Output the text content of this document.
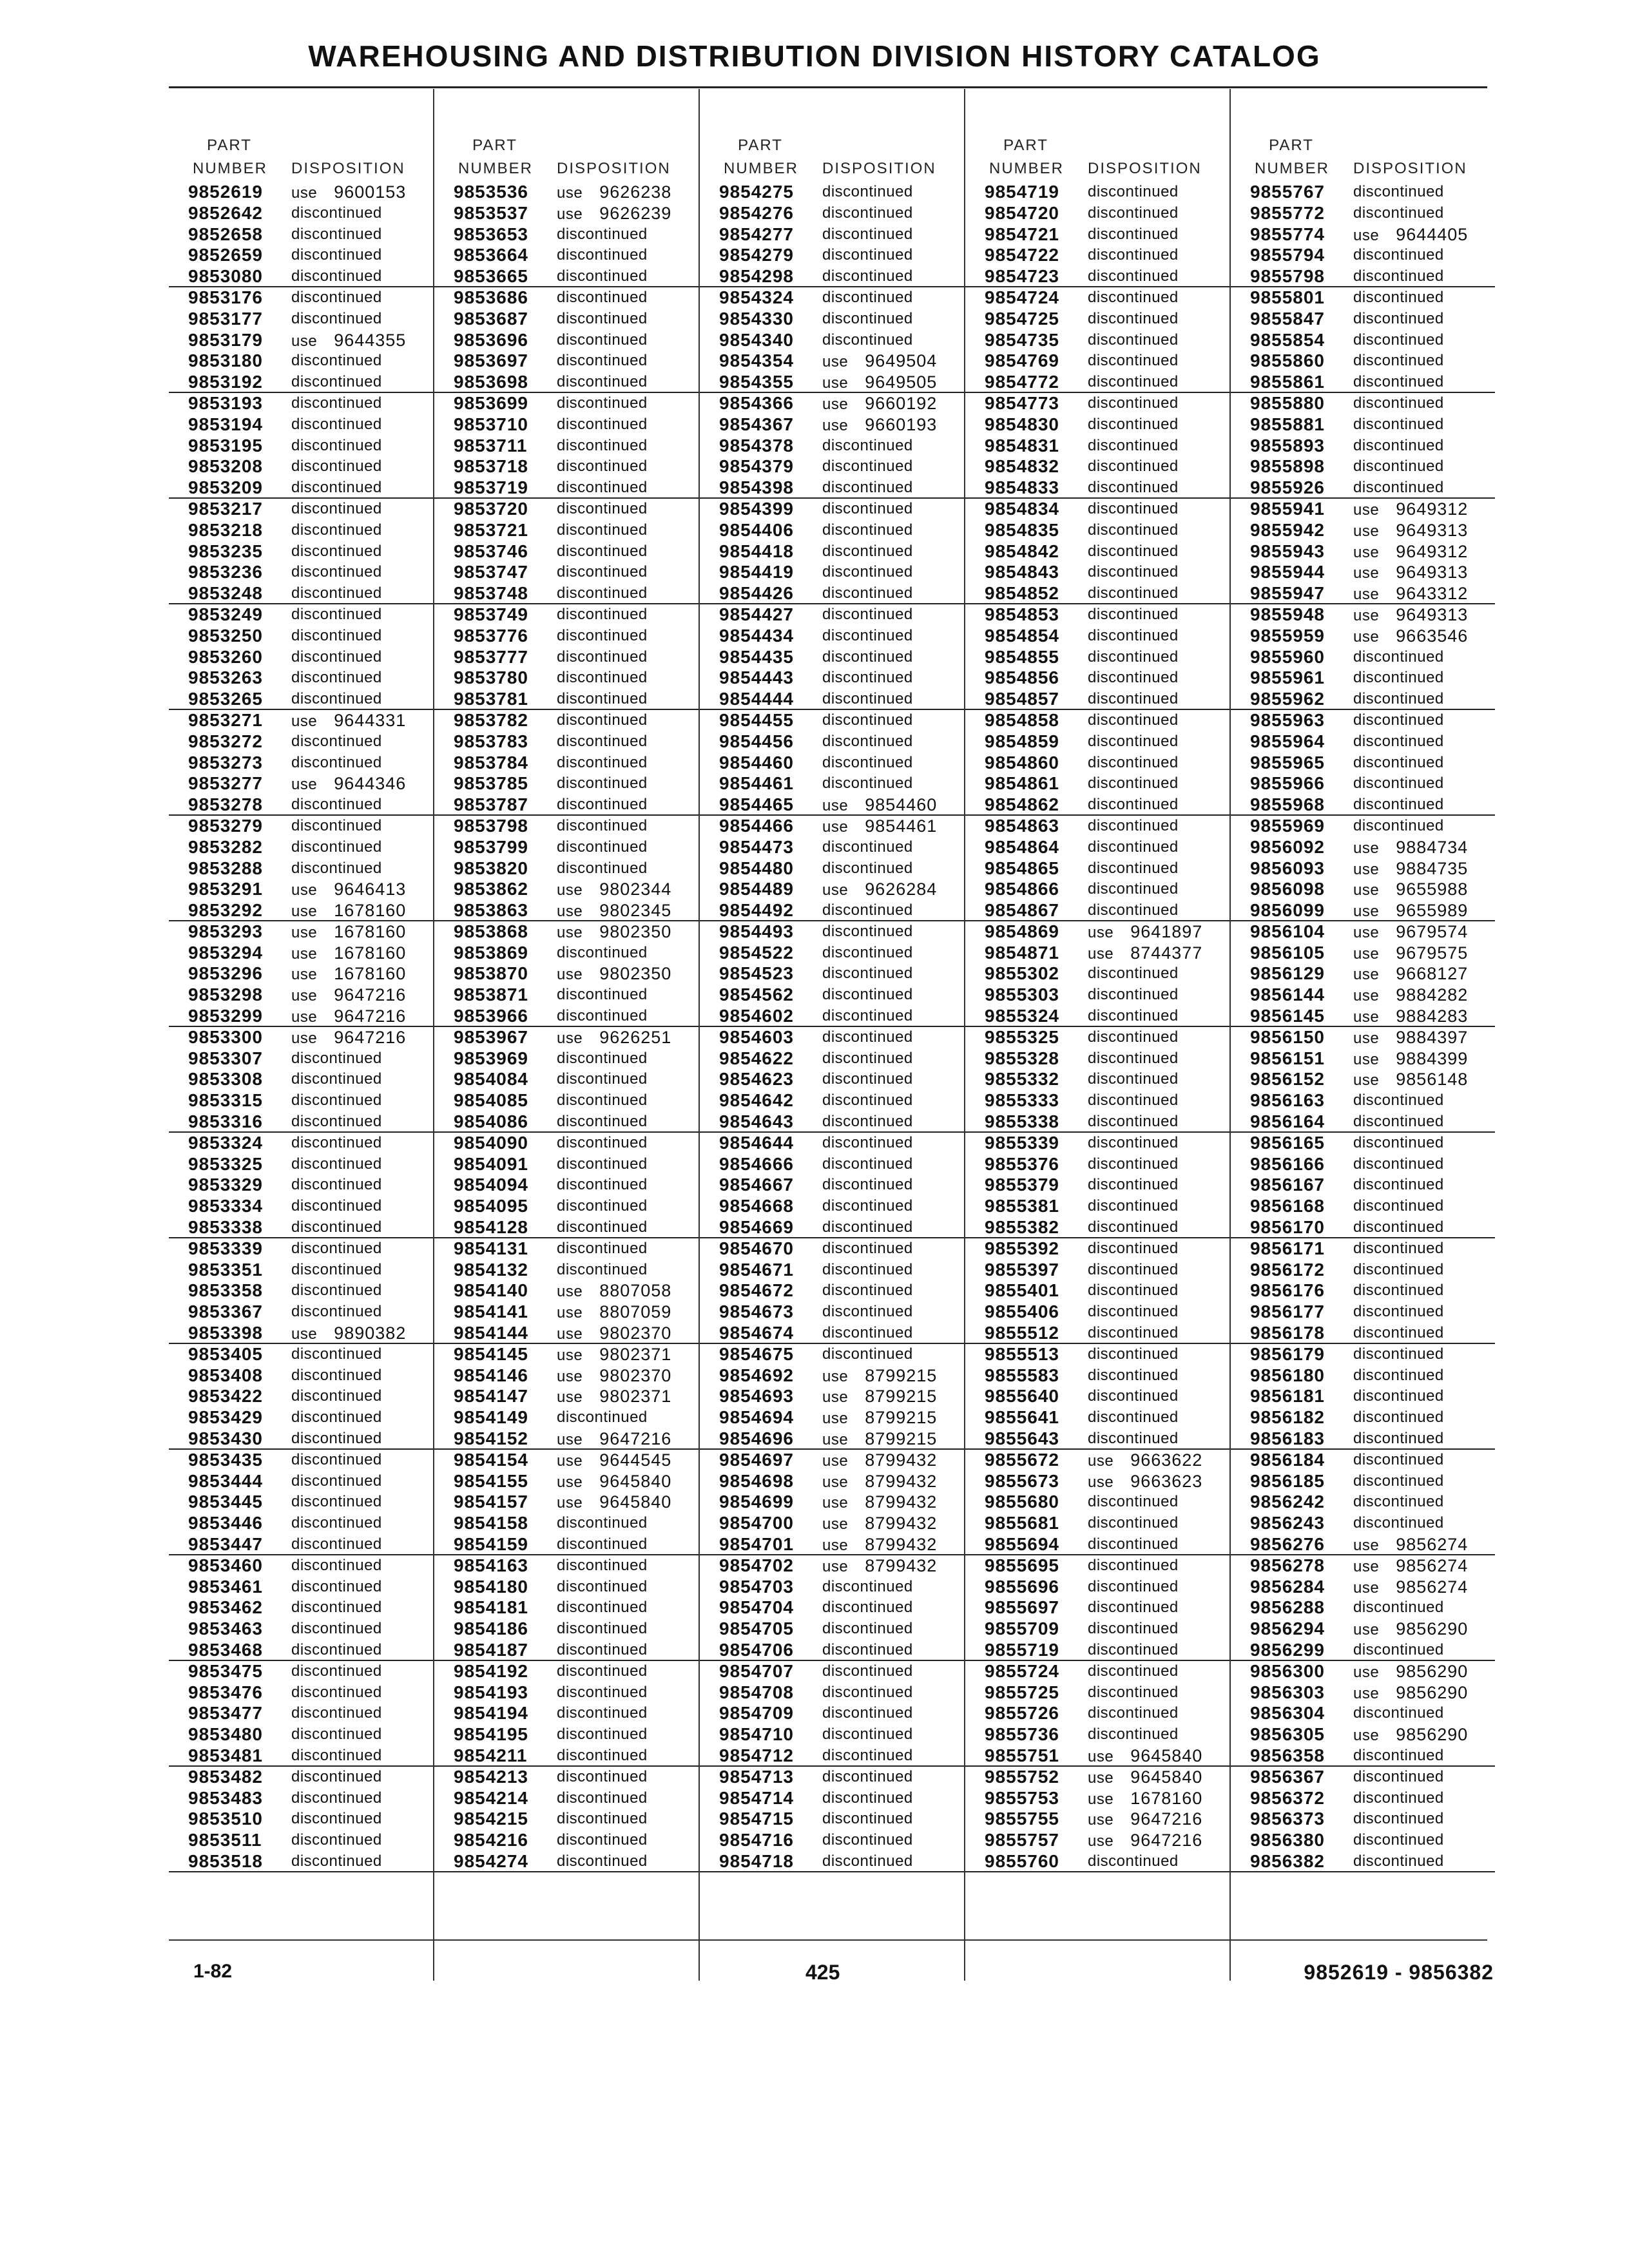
WAREHOUSING AND DISTRIBUTION DIVISION HISTORY CATALOG
PART
NUMBER DISPOSITION
9852619 use 9600153
9852642 discontinued
9852658 discontinued
9852659 discontinued
9853080 discontinued
9853176 discontinued
9853177 discontinued
9853179 use 9644355
9853180 discontinued
9853192 discontinued
9853193 discontinued
9853194 discontinued
9853195 discontinued
9853208 discontinued
9853209 discontinued
9853217 discontinued
9853218 discontinued
9853235 discontinued
9853236 discontinued
9853248 discontinued
9853249 discontinued
9853250 discontinued
9853260 discontinued
9853263 discontinued
9853265 discontinued
9853271 use 9644331
9853272 discontinued
9853273 discontinued
9853277 use 9644346
9853278 discontinued
9853279 discontinued
9853282 discontinued
9853288 discontinued
9853291 use 9646413
9853292 use 1678160
9853293 use 1678160
9853294 use 1678160
9853296 use 1678160
9853298 use 9647216
9853299 use 9647216
9853300 use 9647216
9853307 discontinued
9853308 discontinued
9853315 discontinued
9853316 discontinued
9853324 discontinued
9853325 discontinued
9853329 discontinued
9853334 discontinued
9853338 discontinued
9853339 discontinued
9853351 discontinued
9853358 discontinued
9853367 discontinued
9853398 use 9890382
9853405 discontinued
9853408 discontinued
9853422 discontinued
9853429 discontinued
9853430 discontinued
9853435 discontinued
9853444 discontinued
9853445 discontinued
9853446 discontinued
9853447 discontinued
9853460 discontinued
9853461 discontinued
9853462 discontinued
9853463 discontinued
9853468 discontinued
9853475 discontinued
9853476 discontinued
9853477 discontinued
9853480 discontinued
9853481 discontinued
9853482 discontinued
9853483 discontinued
9853510 discontinued
9853511 discontinued
9853518 discontinued
PART
NUMBER DISPOSITION
9853536 use 9626238
9853537 use 9626239
9853653 discontinued
9853664 discontinued
9853665 discontinued
9853686 discontinued
9853687 discontinued
9853696 discontinued
9853697 discontinued
9853698 discontinued
9853699 discontinued
9853710 discontinued
9853711 discontinued
9853718 discontinued
9853719 discontinued
9853720 discontinued
9853721 discontinued
9853746 discontinued
9853747 discontinued
9853748 discontinued
9853749 discontinued
9853776 discontinued
9853777 discontinued
9853780 discontinued
9853781 discontinued
9853782 discontinued
9853783 discontinued
9853784 discontinued
9853785 discontinued
9853787 discontinued
9853798 discontinued
9853799 discontinued
9853820 discontinued
9853862 use 9802344
9853863 use 9802345
9853868 use 9802350
9853869 discontinued
9853870 use 9802350
9853871 discontinued
9853966 discontinued
9853967 use 9626251
9853969 discontinued
9854084 discontinued
9854085 discontinued
9854086 discontinued
9854090 discontinued
9854091 discontinued
9854094 discontinued
9854095 discontinued
9854128 discontinued
9854131 discontinued
9854132 discontinued
9854140 use 8807058
9854141 use 8807059
9854144 use 9802370
9854145 use 9802371
9854146 use 9802370
9854147 use 9802371
9854149 discontinued
9854152 use 9647216
9854154 use 9644545
9854155 use 9645840
9854157 use 9645840
9854158 discontinued
9854159 discontinued
9854163 discontinued
9854180 discontinued
9854181 discontinued
9854186 discontinued
9854187 discontinued
9854192 discontinued
9854193 discontinued
9854194 discontinued
9854195 discontinued
9854211 discontinued
9854213 discontinued
9854214 discontinued
9854215 discontinued
9854216 discontinued
9854274 discontinued
PART
NUMBER DISPOSITION
9854275 discontinued
9854276 discontinued
9854277 discontinued
9854279 discontinued
9854298 discontinued
9854324 discontinued
9854330 discontinued
9854340 discontinued
9854354 use 9649504
9854355 use 9649505
9854366 use 9660192
9854367 use 9660193
9854378 discontinued
9854379 discontinued
9854398 discontinued
9854399 discontinued
9854406 discontinued
9854418 discontinued
9854419 discontinued
9854426 discontinued
9854427 discontinued
9854434 discontinued
9854435 discontinued
9854443 discontinued
9854444 discontinued
9854455 discontinued
9854456 discontinued
9854460 discontinued
9854461 discontinued
9854465 use 9854460
9854466 use 9854461
9854473 discontinued
9854480 discontinued
9854489 use 9626284
9854492 discontinued
9854493 discontinued
9854522 discontinued
9854523 discontinued
9854562 discontinued
9854602 discontinued
9854603 discontinued
9854622 discontinued
9854623 discontinued
9854642 discontinued
9854643 discontinued
9854644 discontinued
9854666 discontinued
9854667 discontinued
9854668 discontinued
9854669 discontinued
9854670 discontinued
9854671 discontinued
9854672 discontinued
9854673 discontinued
9854674 discontinued
9854675 discontinued
9854692 use 8799215
9854693 use 8799215
9854694 use 8799215
9854696 use 8799215
9854697 use 8799432
9854698 use 8799432
9854699 use 8799432
9854700 use 8799432
9854701 use 8799432
9854702 use 8799432
9854703 discontinued
9854704 discontinued
9854705 discontinued
9854706 discontinued
9854707 discontinued
9854708 discontinued
9854709 discontinued
9854710 discontinued
9854712 discontinued
9854713 discontinued
9854714 discontinued
9854715 discontinued
9854716 discontinued
9854718 discontinued
PART
NUMBER DISPOSITION
9854719 discontinued
9854720 discontinued
9854721 discontinued
9854722 discontinued
9854723 discontinued
9854724 discontinued
9854725 discontinued
9854735 discontinued
9854769 discontinued
9854772 discontinued
9854773 discontinued
9854830 discontinued
9854831 discontinued
9854832 discontinued
9854833 discontinued
9854834 discontinued
9854835 discontinued
9854842 discontinued
9854843 discontinued
9854852 discontinued
9854853 discontinued
9854854 discontinued
9854855 discontinued
9854856 discontinued
9854857 discontinued
9854858 discontinued
9854859 discontinued
9854860 discontinued
9854861 discontinued
9854862 discontinued
9854863 discontinued
9854864 discontinued
9854865 discontinued
9854866 discontinued
9854867 discontinued
9854869 use 9641897
9854871 use 8744377
9855302 discontinued
9855303 discontinued
9855324 discontinued
9855325 discontinued
9855328 discontinued
9855332 discontinued
9855333 discontinued
9855338 discontinued
9855339 discontinued
9855376 discontinued
9855379 discontinued
9855381 discontinued
9855382 discontinued
9855392 discontinued
9855397 discontinued
9855401 discontinued
9855406 discontinued
9855512 discontinued
9855513 discontinued
9855583 discontinued
9855640 discontinued
9855641 discontinued
9855643 discontinued
9855672 use 9663622
9855673 use 9663623
9855680 discontinued
9855681 discontinued
9855694 discontinued
9855695 discontinued
9855696 discontinued
9855697 discontinued
9855709 discontinued
9855719 discontinued
9855724 discontinued
9855725 discontinued
9855726 discontinued
9855736 discontinued
9855751 use 9645840
9855752 use 9645840
9855753 use 1678160
9855755 use 9647216
9855757 use 9647216
9855760 discontinued
PART
NUMBER DISPOSITION
9855767 discontinued
9855772 discontinued
9855774 use 9644405
9855794 discontinued
9855798 discontinued
9855801 discontinued
9855847 discontinued
9855854 discontinued
9855860 discontinued
9855861 discontinued
9855880 discontinued
9855881 discontinued
9855893 discontinued
9855898 discontinued
9855926 discontinued
9855941 use 9649312
9855942 use 9649313
9855943 use 9649312
9855944 use 9649313
9855947 use 9643312
9855948 use 9649313
9855959 use 9663546
9855960 discontinued
9855961 discontinued
9855962 discontinued
9855963 discontinued
9855964 discontinued
9855965 discontinued
9855966 discontinued
9855968 discontinued
9855969 discontinued
9856092 use 9884734
9856093 use 9884735
9856098 use 9655988
9856099 use 9655989
9856104 use 9679574
9856105 use 9679575
9856129 use 9668127
9856144 use 9884282
9856145 use 9884283
9856150 use 9884397
9856151 use 9884399
9856152 use 9856148
9856163 discontinued
9856164 discontinued
9856165 discontinued
9856166 discontinued
9856167 discontinued
9856168 discontinued
9856170 discontinued
9856171 discontinued
9856172 discontinued
9856176 discontinued
9856177 discontinued
9856178 discontinued
9856179 discontinued
9856180 discontinued
9856181 discontinued
9856182 discontinued
9856183 discontinued
9856184 discontinued
9856185 discontinued
9856242 discontinued
9856243 discontinued
9856276 use 9856274
9856278 use 9856274
9856284 use 9856274
9856288 discontinued
9856294 use 9856290
9856299 discontinued
9856300 use 9856290
9856303 use 9856290
9856304 discontinued
9856305 use 9856290
9856358 discontinued
9856367 discontinued
9856372 discontinued
9856373 discontinued
9856380 discontinued
9856382 discontinued
1-82	425	9852619 - 9856382
